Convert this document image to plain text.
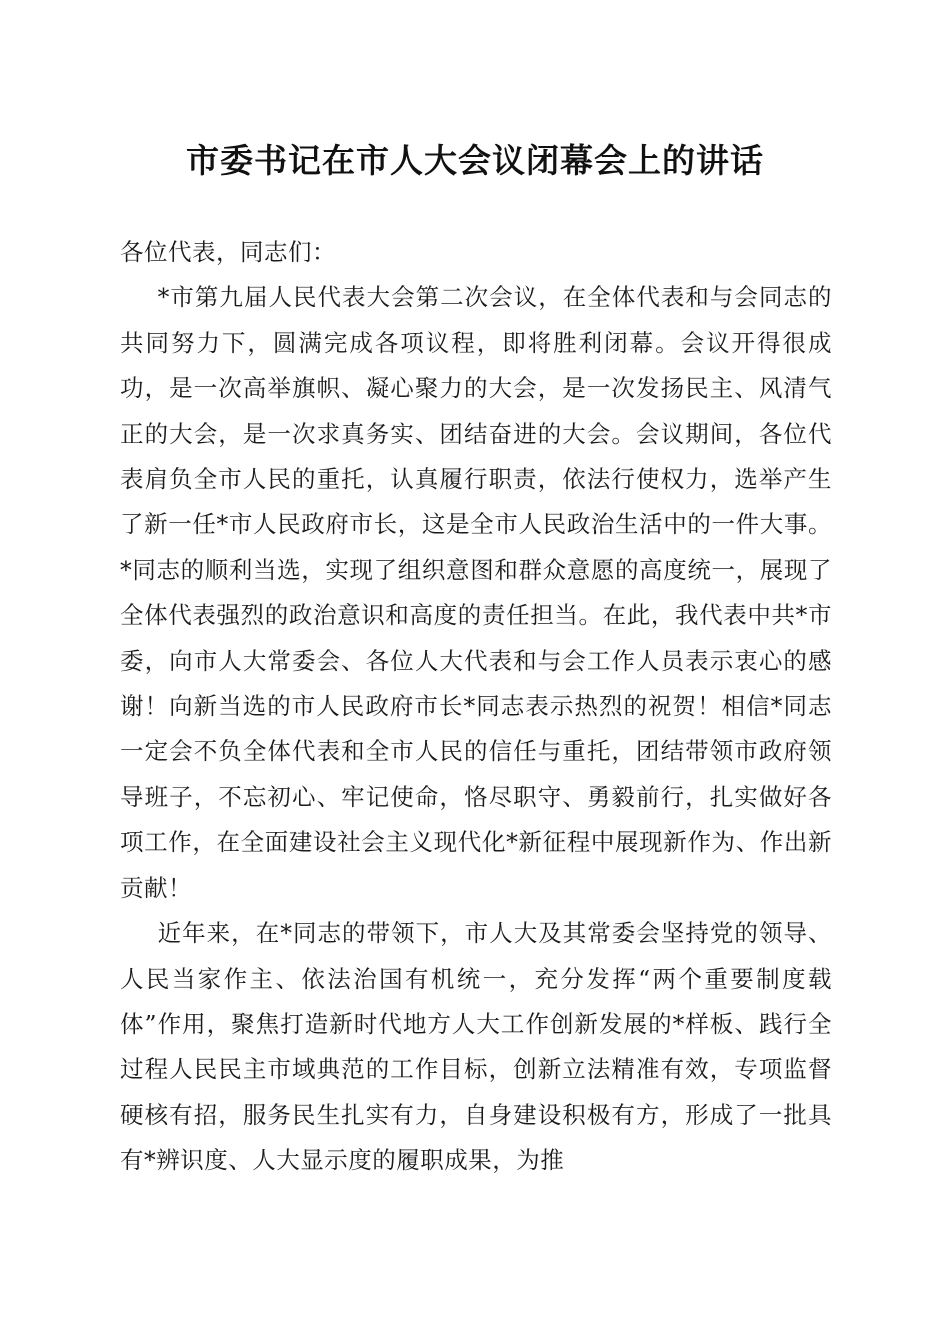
市委书记在市人大会议闭幕会上的讲话

各位代表，同志们：

*市第九届人民代表大会第二次会议，在全体代表和与会同志的共同努力下，圆满完成各项议程，即将胜利闭幕。会议开得很成功，是一次高举旗帜、凝心聚力的大会，是一次发扬民主、风清气正的大会，是一次求真务实、团结奋进的大会。会议期间，各位代表肩负全市人民的重托，认真履行职责，依法行使权力，选举产生了新一任*市人民政府市长，这是全市人民政治生活中的一件大事。*同志的顺利当选，实现了组织意图和群众意愿的高度统一，展现了全体代表强烈的政治意识和高度的责任担当。在此，我代表中共*市委，向市人大常委会、各位人大代表和与会工作人员表示衷心的感谢！向新当选的市人民政府市长*同志表示热烈的祝贺！相信*同志一定会不负全体代表和全市人民的信任与重托，团结带领市政府领导班子，不忘初心、牢记使命，恪尽职守、勇毅前行，扎实做好各项工作，在全面建设社会主义现代化*新征程中展现新作为、作出新贡献！

近年来，在*同志的带领下，市人大及其常委会坚持党的领导、人民当家作主、依法治国有机统一，充分发挥“两个重要制度载体”作用，聚焦打造新时代地方人大工作创新发展的*样板、践行全过程人民民主市域典范的工作目标，创新立法精准有效，专项监督硬核有招，服务民生扎实有力，自身建设积极有方，形成了一批具有*辨识度、人大显示度的履职成果，为推
